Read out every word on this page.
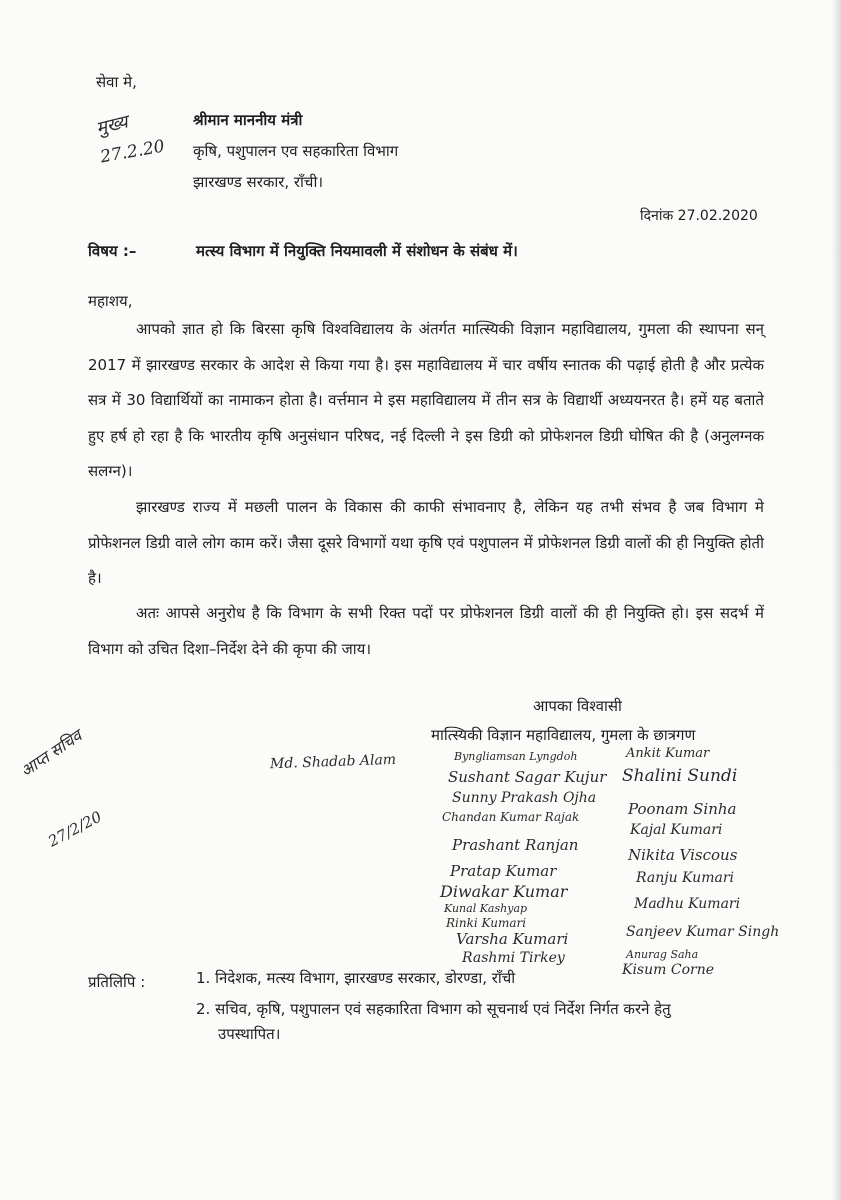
सेवा मे,
श्रीमान माननीय मंत्री
कृषि, पशुपालन एव सहकारिता विभाग
झारखण्ड सरकार, रॉंची।
मुख्य
27.2.20
दिनांक 27.02.2020
विषय :–	मत्स्य विभाग में नियुक्ति नियमावली में संशोधन के संबंध में।
महाशय,
आपको ज्ञात हो कि बिरसा कृषि विश्वविद्यालय के अंतर्गत मात्स्यिकी विज्ञान महाविद्यालय, गुमला की स्थापना सन् 2017 में झारखण्ड सरकार के आदेश से किया गया है। इस महाविद्यालय में चार वर्षीय स्नातक की पढ़ाई होती है और प्रत्येक सत्र में 30 विद्यार्थियों का नामाकन होता है। वर्त्तमान मे इस महाविद्यालय में तीन सत्र के विद्यार्थी अध्ययनरत है। हमें यह बताते हुए हर्ष हो रहा है कि भारतीय कृषि अनुसंधान परिषद, नई दिल्ली ने इस डिग्री को प्रोफेशनल डिग्री घोषित की है (अनुलग्नक सलग्न)।
झारखण्ड राज्य में मछली पालन के विकास की काफी संभावनाए है, लेकिन यह तभी संभव है जब विभाग मे प्रोफेशनल डिग्री वाले लोग काम करें। जैसा दूसरे विभागों यथा कृषि एवं पशुपालन में प्रोफेशनल डिग्री वालों की ही नियुक्ति होती है।
अतः आपसे अनुरोध है कि विभाग के सभी रिक्त पदों पर प्रोफेशनल डिग्री वालों की ही नियुक्ति हो। इस सदर्भ में विभाग को उचित दिशा–निर्देश देने की कृपा की जाय।
आपका विश्वासी
मात्स्यिकी विज्ञान महाविद्यालय, गुमला के छात्रगण
आप्त सचिव
27/2/20
Md. Shadab Alam	Byngliamsan Lyngdoh
Sushant Sagar Kujur
Sunny Prakash Ojha
Chandan Kumar Rajak
Prashant Ranjan
Pratap Kumar
Diwakar Kumar
Kunal Kashyap
Rinki Kumari
Varsha Kumari
Rashmi Tirkey
Ankit Kumar
Shalini Sundi
Poonam Sinha
Kajal Kumari
Nikita Viscous
Ranju Kumari
Madhu Kumari
Sanjeev Kumar Singh
Anurag Saha
Kisum Corne
प्रतिलिपि :	1. निदेशक, मत्स्य विभाग, झारखण्ड सरकार, डोरण्डा, राँची
2. सचिव, कृषि, पशुपालन एवं सहकारिता विभाग को सूचनार्थ एवं निर्देश निर्गत करने हेतु
उपस्थापित।
